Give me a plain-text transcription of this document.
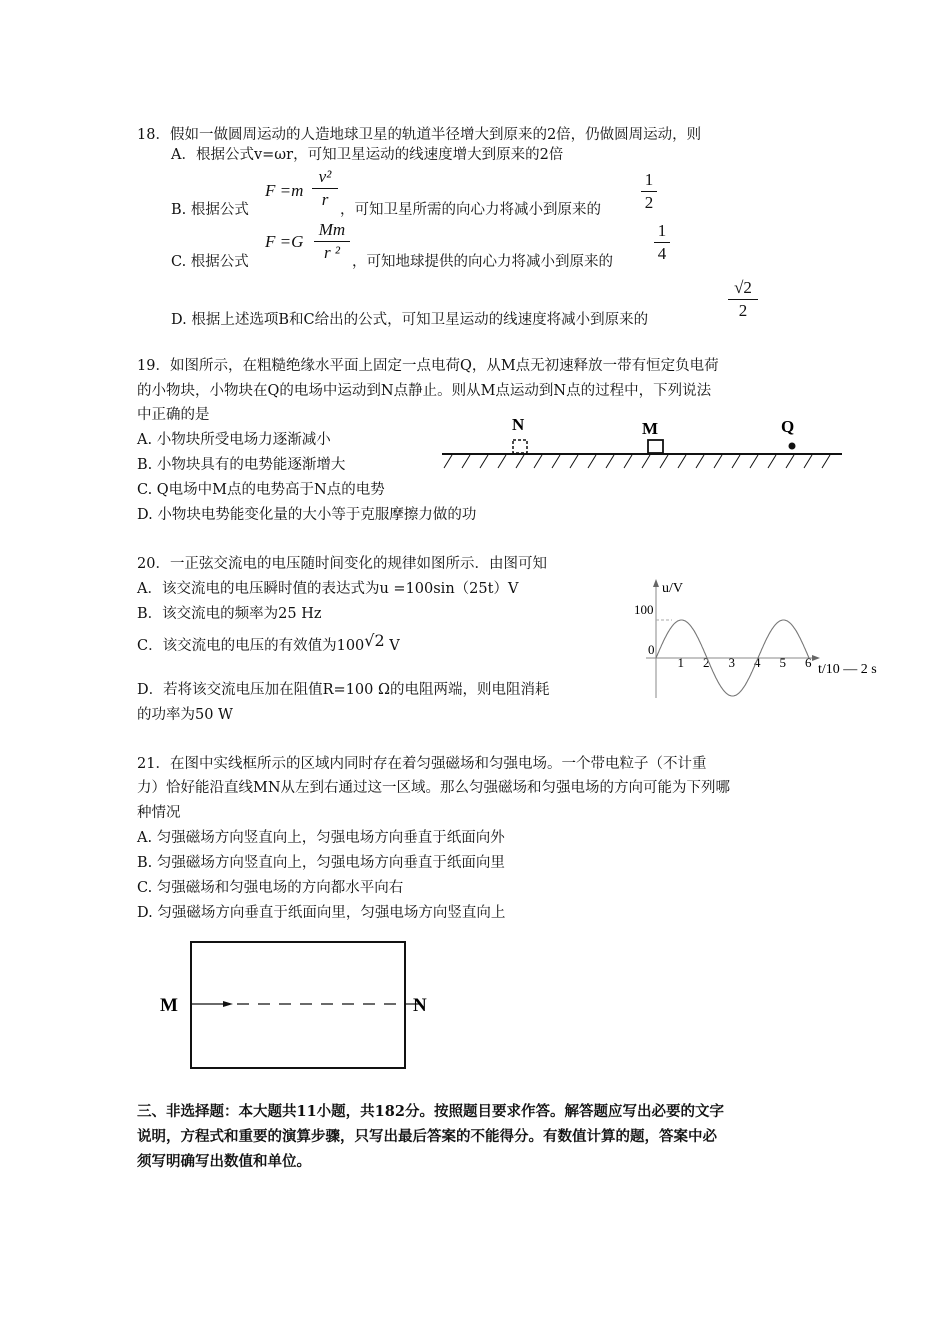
18．假如一做圆周运动的人造地球卫星的轨道半径增大到原来的2倍，仍做圆周运动，则
A．根据公式v=ωr，可知卫星运动的线速度增大到原来的2倍
B. 根据公式
F =m
v²
r
，可知卫星所需的向心力将减小到原来的
1
2
C. 根据公式
F =G
Mm
r ² ，可知地球提供的向心力将减小到原来的
1
4
D. 根据上述选项B和C给出的公式，可知卫星运动的线速度将减小到原来的
√2
2
19．如图所示，在粗糙绝缘水平面上固定一点电荷Q，从M点无初速释放一带有恒定负电荷
的小物块，小物块在Q的电场中运动到N点静止。则从M点运动到N点的过程中，下列说法
中正确的是
A. 小物块所受电场力逐渐减小
B. 小物块具有的电势能逐渐增大
C. Q电场中M点的电势高于N点的电势
D. 小物块电势能变化量的大小等于克服摩擦力做的功
N	M	Q
20．一正弦交流电的电压随时间变化的规律如图所示．由图可知
A．该交流电的电压瞬时值的表达式为u =100sin（25t）V
B．该交流电的频率为25 Hz
C．该交流电的电压的有效值为100√2 V
D．若将该交流电压加在阻值R=100 Ω的电阻两端，则电阻消耗
的功率为50 W
u/V
100
0
t/10 — 2 s
1 2 3 4 5 6
21．在图中实线框所示的区域内同时存在着匀强磁场和匀强电场。一个带电粒子（不计重
力）恰好能沿直线MN从左到右通过这一区域。那么匀强磁场和匀强电场的方向可能为下列哪
种情况
A. 匀强磁场方向竖直向上，匀强电场方向垂直于纸面向外
B. 匀强磁场方向竖直向上，匀强电场方向垂直于纸面向里
C. 匀强磁场和匀强电场的方向都水平向右
D. 匀强磁场方向垂直于纸面向里，匀强电场方向竖直向上
M	N
三、非选择题：本大题共11小题，共182分。按照题目要求作答。解答题应写出必要的文字
说明，方程式和重要的演算步骤，只写出最后答案的不能得分。有数值计算的题，答案中必
须写明确写出数值和单位。
